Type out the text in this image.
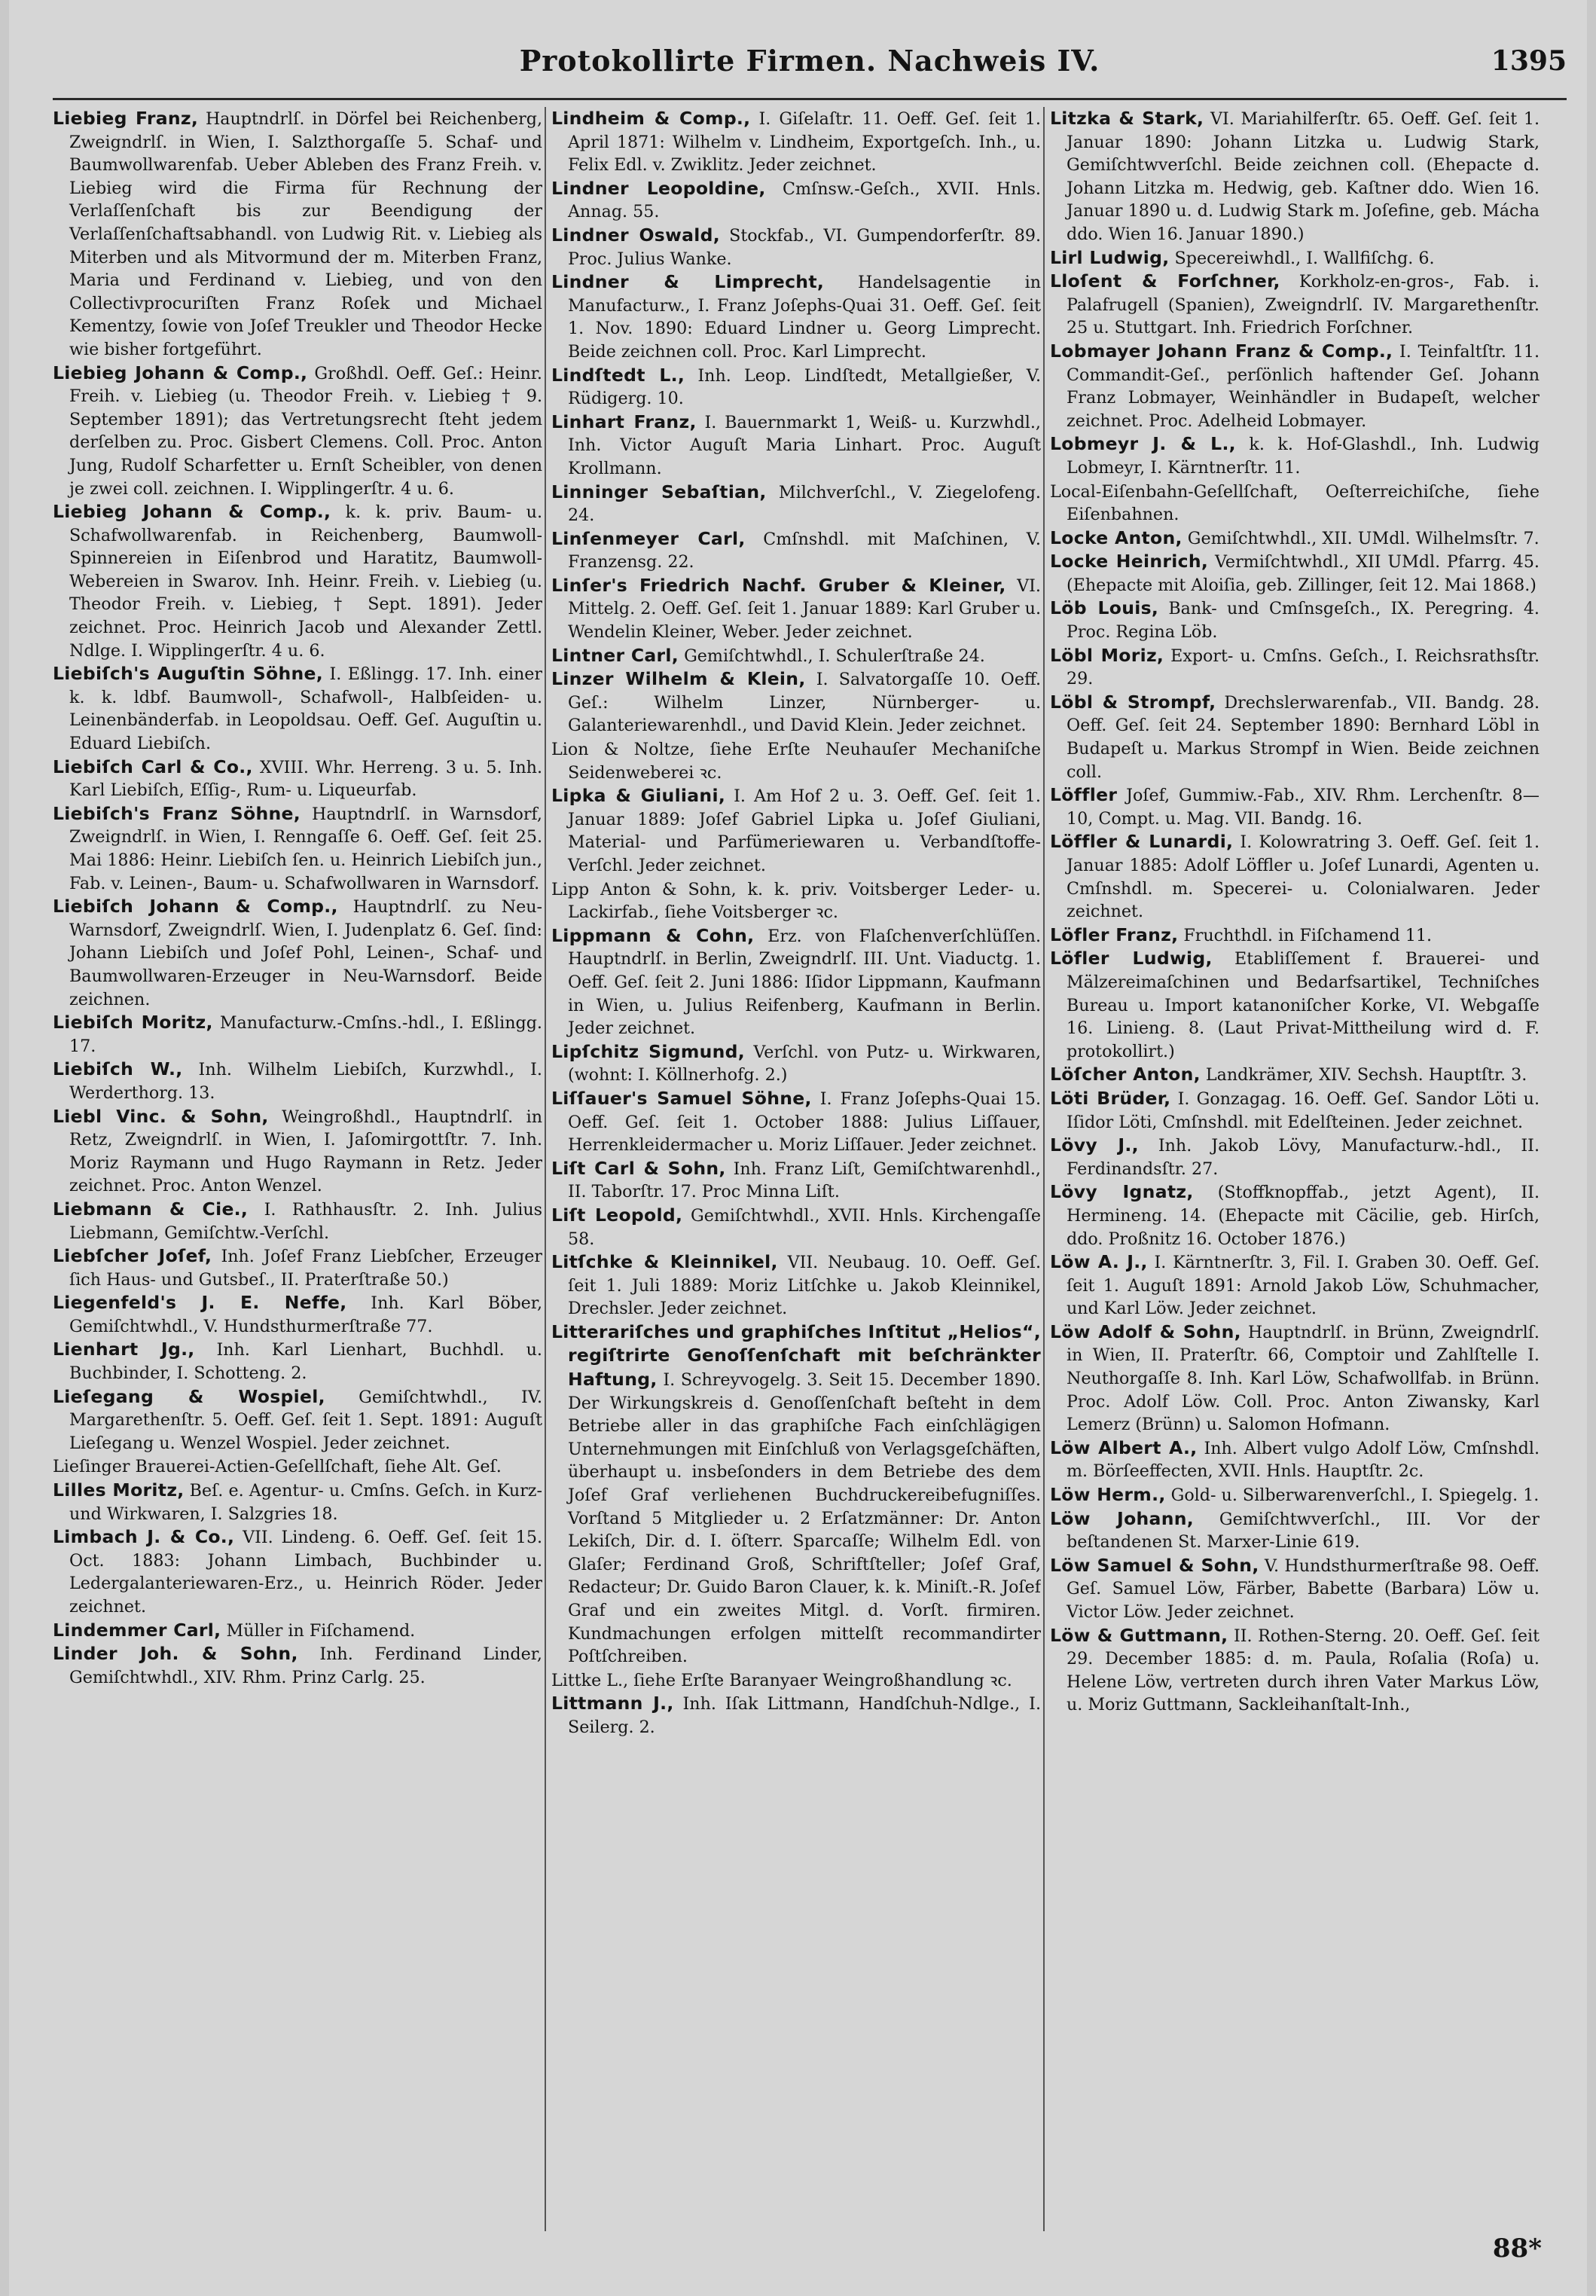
Protokollirte Firmen. Nachweis IV.	1395
Liebieg Franz, Hauptndrlſ. in Dörfel bei Reichenberg, Zweigndrlſ. in Wien, I. Salzthorgaſſe 5. Schaf- und Baumwollwarenfab. Ueber Ableben des Franz Freih. v. Liebieg wird die Firma für Rechnung der Verlaſſenſchaft bis zur Beendigung der Verlaſſenſchaftsabhandl. von Ludwig Rit. v. Liebieg als Miterben und als Mitvormund der m. Miterben Franz, Maria und Ferdinand v. Liebieg, und von den Collectivprocuriſten Franz Roſek und Michael Kementzy, ſowie von Joſef Treukler und Theodor Hecke wie bisher fortgeführt.
Liebieg Johann & Comp., Großhdl. Oeff. Geſ.: Heinr. Freih. v. Liebieg (u. Theodor Freih. v. Liebieg † 9. September 1891); das Vertretungsrecht ſteht jedem derſelben zu. Proc. Gisbert Clemens. Coll. Proc. Anton Jung, Rudolf Scharfetter u. Ernſt Scheibler, von denen je zwei coll. zeichnen. I. Wipplingerſtr. 4 u. 6.
Liebieg Johann & Comp., k. k. priv. Baum- u. Schafwollwarenfab. in Reichenberg, Baumwoll-Spinnereien in Eiſenbrod und Haratitz, Baumwoll-Webereien in Swarov. Inh. Heinr. Freih. v. Liebieg (u. Theodor Freih. v. Liebieg, † Sept. 1891). Jeder zeichnet. Proc. Heinrich Jacob und Alexander Zettl. Ndlge. I. Wipplingerſtr. 4 u. 6.
Liebiſch's Auguſtin Söhne, I. Eßlingg. 17. Inh. einer k. k. ldbf. Baumwoll-, Schafwoll-, Halbſeiden- u. Leinenbänderfab. in Leopoldsau. Oeff. Geſ. Auguſtin u. Eduard Liebiſch.
Liebiſch Carl & Co., XVIII. Whr. Herreng. 3 u. 5. Inh. Karl Liebiſch, Eſſig-, Rum- u. Liqueurfab.
Liebiſch's Franz Söhne, Hauptndrlſ. in Warnsdorf, Zweigndrlſ. in Wien, I. Renngaſſe 6. Oeff. Geſ. ſeit 25. Mai 1886: Heinr. Liebiſch ſen. u. Heinrich Liebiſch jun., Fab. v. Leinen-, Baum- u. Schafwollwaren in Warnsdorf.
Liebiſch Johann & Comp., Hauptndrlſ. zu Neu-Warnsdorf, Zweigndrlſ. Wien, I. Judenplatz 6. Geſ. ſind: Johann Liebiſch und Joſef Pohl, Leinen-, Schaf- und Baumwollwaren-Erzeuger in Neu-Warnsdorf. Beide zeichnen.
Liebiſch Moritz, Manufacturw.-Cmſns.-hdl., I. Eßlingg. 17.
Liebiſch W., Inh. Wilhelm Liebiſch, Kurzwhdl., I. Werderthorg. 13.
Liebl Vinc. & Sohn, Weingroßhdl., Hauptndrlſ. in Retz, Zweigndrlſ. in Wien, I. Jaſomirgottſtr. 7. Inh. Moriz Raymann und Hugo Raymann in Retz. Jeder zeichnet. Proc. Anton Wenzel.
Liebmann & Cie., I. Rathhausſtr. 2. Inh. Julius Liebmann, Gemiſchtw.-Verſchl.
Liebſcher Joſef, Inh. Joſef Franz Liebſcher, Erzeuger ſich Haus- und Gutsbeſ., II. Praterſtraße 50.)
Liegenfeld's J. E. Neffe, Inh. Karl Böber, Gemiſchtwhdl., V. Hundsthurmerſtraße 77.
Lienhart Jg., Inh. Karl Lienhart, Buchhdl. u. Buchbinder, I. Schotteng. 2.
Lieſegang & Wospiel, Gemiſchtwhdl., IV. Margarethenſtr. 5. Oeff. Geſ. ſeit 1. Sept. 1891: Auguſt Lieſegang u. Wenzel Wospiel. Jeder zeichnet.
Lieſinger Brauerei-Actien-Geſellſchaft, ſiehe Alt. Geſ.
Lilles Moritz, Beſ. e. Agentur- u. Cmſns. Geſch. in Kurz- und Wirkwaren, I. Salzgries 18.
Limbach J. & Co., VII. Lindeng. 6. Oeff. Geſ. ſeit 15. Oct. 1883: Johann Limbach, Buchbinder u. Ledergalanteriewaren-Erz., u. Heinrich Röder. Jeder zeichnet.
Lindemmer Carl, Müller in Fiſchamend.
Linder Joh. & Sohn, Inh. Ferdinand Linder, Gemiſchtwhdl., XIV. Rhm. Prinz Carlg. 25.
Lindheim & Comp., I. Giſelaſtr. 11. Oeff. Geſ. ſeit 1. April 1871: Wilhelm v. Lindheim, Exportgeſch. Inh., u. Felix Edl. v. Zwiklitz. Jeder zeichnet.
Lindner Leopoldine, Cmſnsw.-Geſch., XVII. Hnls. Annag. 55.
Lindner Oswald, Stockfab., VI. Gumpendorferſtr. 89. Proc. Julius Wanke.
Lindner & Limprecht, Handelsagentie in Manufacturw., I. Franz Joſephs-Quai 31. Oeff. Geſ. ſeit 1. Nov. 1890: Eduard Lindner u. Georg Limprecht. Beide zeichnen coll. Proc. Karl Limprecht.
Lindſtedt L., Inh. Leop. Lindſtedt, Metallgießer, V. Rüdigerg. 10.
Linhart Franz, I. Bauernmarkt 1, Weiß- u. Kurzwhdl., Inh. Victor Auguſt Maria Linhart. Proc. Auguſt Krollmann.
Linninger Sebaſtian, Milchverſchl., V. Ziegelofeng. 24.
Linſenmeyer Carl, Cmſnshdl. mit Maſchinen, V. Franzensg. 22.
Linſer's Friedrich Nachf. Gruber & Kleiner, VI. Mittelg. 2. Oeff. Geſ. ſeit 1. Januar 1889: Karl Gruber u. Wendelin Kleiner, Weber. Jeder zeichnet.
Lintner Carl, Gemiſchtwhdl., I. Schulerſtraße 24.
Linzer Wilhelm & Klein, I. Salvatorgaſſe 10. Oeff. Geſ.: Wilhelm Linzer, Nürnberger- u. Galanteriewarenhdl., und David Klein. Jeder zeichnet.
Lion & Noltze, ſiehe Erſte Neuhauſer Mechaniſche Seidenweberei ꝛc.
Lipka & Giuliani, I. Am Hof 2 u. 3. Oeff. Geſ. ſeit 1. Januar 1889: Joſef Gabriel Lipka u. Joſef Giuliani, Material- und Parfümeriewaren u. Verbandſtoffe-Verſchl. Jeder zeichnet.
Lipp Anton & Sohn, k. k. priv. Voitsberger Leder- u. Lackirfab., ſiehe Voitsberger ꝛc.
Lippmann & Cohn, Erz. von Flaſchenverſchlüſſen. Hauptndrlſ. in Berlin, Zweigndrlſ. III. Unt. Viaductg. 1. Oeff. Geſ. ſeit 2. Juni 1886: Iſidor Lippmann, Kaufmann in Wien, u. Julius Reifenberg, Kaufmann in Berlin. Jeder zeichnet.
Lipſchitz Sigmund, Verſchl. von Putz- u. Wirkwaren, (wohnt: I. Köllnerhofg. 2.)
Liſſauer's Samuel Söhne, I. Franz Joſephs-Quai 15. Oeff. Geſ. ſeit 1. October 1888: Julius Liſſauer, Herrenkleidermacher u. Moriz Liſſauer. Jeder zeichnet.
Liſt Carl & Sohn, Inh. Franz Liſt, Gemiſchtwarenhdl., II. Taborſtr. 17. Proc Minna Liſt.
Liſt Leopold, Gemiſchtwhdl., XVII. Hnls. Kirchengaſſe 58.
Litſchke & Kleinnikel, VII. Neubaug. 10. Oeff. Geſ. ſeit 1. Juli 1889: Moriz Litſchke u. Jakob Kleinnikel, Drechsler. Jeder zeichnet.
Litterariſches und graphiſches Inſtitut „Helios“, regiſtrirte Genoſſenſchaft mit beſchränkter Haftung, I. Schreyvogelg. 3. Seit 15. December 1890. Der Wirkungskreis d. Genoſſenſchaft beſteht in dem Betriebe aller in das graphiſche Fach einſchlägigen Unternehmungen mit Einſchluß von Verlagsgeſchäften, überhaupt u. insbeſonders in dem Betriebe des dem Joſef Graf verliehenen Buchdruckereibefugniſſes. Vorſtand 5 Mitglieder u. 2 Erſatzmänner: Dr. Anton Lekiſch, Dir. d. I. öſterr. Sparcaſſe; Wilhelm Edl. von Glaſer; Ferdinand Groß, Schriftſteller; Joſef Graf, Redacteur; Dr. Guido Baron Clauer, k. k. Miniſt.-R. Joſef Graf und ein zweites Mitgl. d. Vorſt. firmiren. Kundmachungen erfolgen mittelſt recommandirter Poſtſchreiben.
Littke L., ſiehe Erſte Baranyaer Weingroßhandlung ꝛc.
Littmann J., Inh. Iſak Littmann, Handſchuh-Ndlge., I. Seilerg. 2.
Litzka & Stark, VI. Mariahilferſtr. 65. Oeff. Geſ. ſeit 1. Januar 1890: Johann Litzka u. Ludwig Stark, Gemiſchtwverſchl. Beide zeichnen coll. (Ehepacte d. Johann Litzka m. Hedwig, geb. Kaſtner ddo. Wien 16. Januar 1890 u. d. Ludwig Stark m. Joſefine, geb. Mácha ddo. Wien 16. Januar 1890.)
Lirl Ludwig, Specereiwhdl., I. Wallfiſchg. 6.
Lloſent & Forſchner, Korkholz-en-gros-, Fab. i. Palafrugell (Spanien), Zweigndrlſ. IV. Margarethenſtr. 25 u. Stuttgart. Inh. Friedrich Forſchner.
Lobmayer Johann Franz & Comp., I. Teinfaltſtr. 11. Commandit-Geſ., perſönlich haftender Geſ. Johann Franz Lobmayer, Weinhändler in Budapeſt, welcher zeichnet. Proc. Adelheid Lobmayer.
Lobmeyr J. & L., k. k. Hof-Glashdl., Inh. Ludwig Lobmeyr, I. Kärntnerſtr. 11.
Local-Eiſenbahn-Geſellſchaft, Oeſterreichiſche, ſiehe Eiſenbahnen.
Locke Anton, Gemiſchtwhdl., XII. UMdl. Wilhelmsſtr. 7.
Locke Heinrich, Vermiſchtwhdl., XII UMdl. Pfarrg. 45. (Ehepacte mit Aloiſia, geb. Zillinger, ſeit 12. Mai 1868.)
Löb Louis, Bank- und Cmſnsgeſch., IX. Peregring. 4. Proc. Regina Löb.
Löbl Moriz, Export- u. Cmſns. Geſch., I. Reichsrathsſtr. 29.
Löbl & Strompf, Drechslerwarenfab., VII. Bandg. 28. Oeff. Geſ. ſeit 24. September 1890: Bernhard Löbl in Budapeſt u. Markus Strompf in Wien. Beide zeichnen coll.
Löffler Joſef, Gummiw.-Fab., XIV. Rhm. Lerchenſtr. 8—10, Compt. u. Mag. VII. Bandg. 16.
Löffler & Lunardi, I. Kolowratring 3. Oeff. Geſ. ſeit 1. Januar 1885: Adolf Löffler u. Joſef Lunardi, Agenten u. Cmſnshdl. m. Specerei- u. Colonialwaren. Jeder zeichnet.
Löfler Franz, Fruchthdl. in Fiſchamend 11.
Löfler Ludwig, Etabliſſement f. Brauerei- und Mälzereimaſchinen und Bedarfsartikel, Techniſches Bureau u. Import katanoniſcher Korke, VI. Webgaſſe 16. Linieng. 8. (Laut Privat-Mittheilung wird d. F. protokollirt.)
Löſcher Anton, Landkrämer, XIV. Sechsh. Hauptſtr. 3.
Löti Brüder, I. Gonzagag. 16. Oeff. Geſ. Sandor Löti u. Iſidor Löti, Cmſnshdl. mit Edelſteinen. Jeder zeichnet.
Lövy J., Inh. Jakob Lövy, Manufacturw.-hdl., II. Ferdinandsſtr. 27.
Lövy Ignatz, (Stoffknopffab., jetzt Agent), II. Hermineng. 14. (Ehepacte mit Cäcilie, geb. Hirſch, ddo. Proßnitz 16. October 1876.)
Löw A. J., I. Kärntnerſtr. 3, Fil. I. Graben 30. Oeff. Geſ. ſeit 1. Auguſt 1891: Arnold Jakob Löw, Schuhmacher, und Karl Löw. Jeder zeichnet.
Löw Adolf & Sohn, Hauptndrlſ. in Brünn, Zweigndrlſ. in Wien, II. Praterſtr. 66, Comptoir und Zahlſtelle I. Neuthorgaſſe 8. Inh. Karl Löw, Schafwollfab. in Brünn. Proc. Adolf Löw. Coll. Proc. Anton Ziwansky, Karl Lemerz (Brünn) u. Salomon Hofmann.
Löw Albert A., Inh. Albert vulgo Adolf Löw, Cmſnshdl. m. Börſeeffecten, XVII. Hnls. Hauptſtr. 2c.
Löw Herm., Gold- u. Silberwarenverſchl., I. Spiegelg. 1.
Löw Johann, Gemiſchtwverſchl., III. Vor der beſtandenen St. Marxer-Linie 619.
Löw Samuel & Sohn, V. Hundsthurmerſtraße 98. Oeff. Geſ. Samuel Löw, Färber, Babette (Barbara) Löw u. Victor Löw. Jeder zeichnet.
Löw & Guttmann, II. Rothen-Sterng. 20. Oeff. Geſ. ſeit 29. December 1885: d. m. Paula, Roſalia (Roſa) u. Helene Löw, vertreten durch ihren Vater Markus Löw, u. Moriz Guttmann, Sackleihanſtalt-Inh.,
88*
